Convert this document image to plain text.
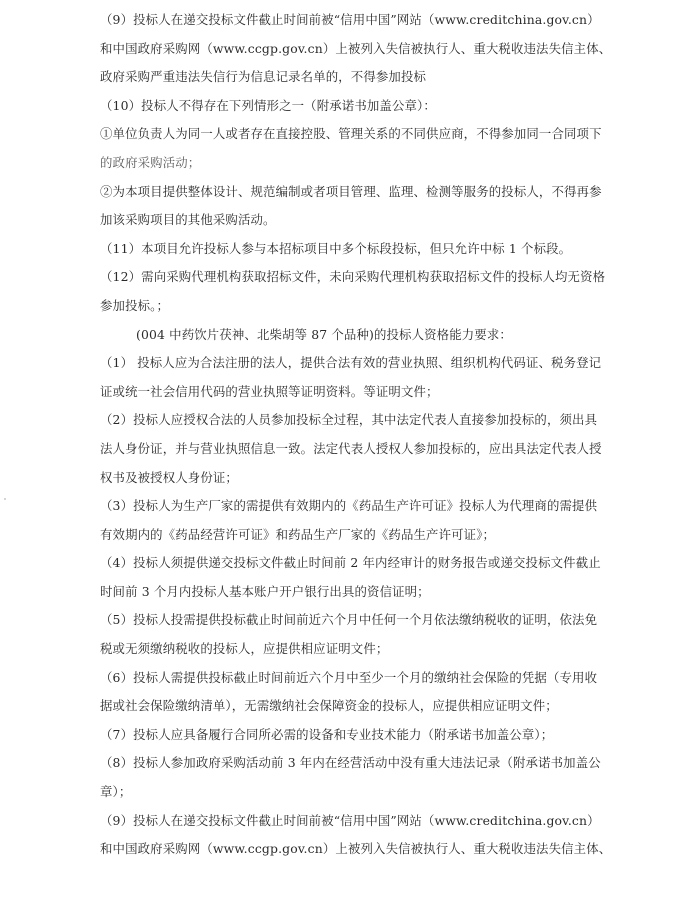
（9）投标人在递交投标文件截止时间前被“信用中国”网站（www.creditchina.gov.cn）
和中国政府采购网（www.ccgp.gov.cn）上被列入失信被执行人、重大税收违法失信主体、
政府采购严重违法失信行为信息记录名单的，不得参加投标
（10）投标人不得存在下列情形之一（附承诺书加盖公章）：
①单位负责人为同一人或者存在直接控股、管理关系的不同供应商，不得参加同一合同项下
的政府采购活动；
②为本项目提供整体设计、规范编制或者项目管理、监理、检测等服务的投标人，不得再参
加该采购项目的其他采购活动。
（11）本项目允许投标人参与本招标项目中多个标段投标，但只允许中标 1 个标段。
（12）需向采购代理机构获取招标文件，未向采购代理机构获取招标文件的投标人均无资格
参加投标。；
(004 中药饮片茯神、北柴胡等 87 个品种)的投标人资格能力要求：
（1） 投标人应为合法注册的法人，提供合法有效的营业执照、组织机构代码证、税务登记
证或统一社会信用代码的营业执照等证明资料。等证明文件；
（2）投标人应授权合法的人员参加投标全过程，其中法定代表人直接参加投标的，须出具
法人身份证，并与营业执照信息一致。法定代表人授权人参加投标的，应出具法定代表人授
权书及被授权人身份证；
（3）投标人为生产厂家的需提供有效期内的《药品生产许可证》投标人为代理商的需提供
有效期内的《药品经营许可证》和药品生产厂家的《药品生产许可证》；
（4）投标人须提供递交投标文件截止时间前 2 年内经审计的财务报告或递交投标文件截止
时间前 3 个月内投标人基本账户开户银行出具的资信证明；
（5）投标人投需提供投标截止时间前近六个月中任何一个月依法缴纳税收的证明，依法免
税或无须缴纳税收的投标人，应提供相应证明文件；
（6）投标人需提供投标截止时间前近六个月中至少一个月的缴纳社会保险的凭据（专用收
据或社会保险缴纳清单），无需缴纳社会保障资金的投标人，应提供相应证明文件；
（7）投标人应具备履行合同所必需的设备和专业技术能力（附承诺书加盖公章）；
（8）投标人参加政府采购活动前 3 年内在经营活动中没有重大违法记录（附承诺书加盖公
章）；
（9）投标人在递交投标文件截止时间前被“信用中国”网站（www.creditchina.gov.cn）
和中国政府采购网（www.ccgp.gov.cn）上被列入失信被执行人、重大税收违法失信主体、
